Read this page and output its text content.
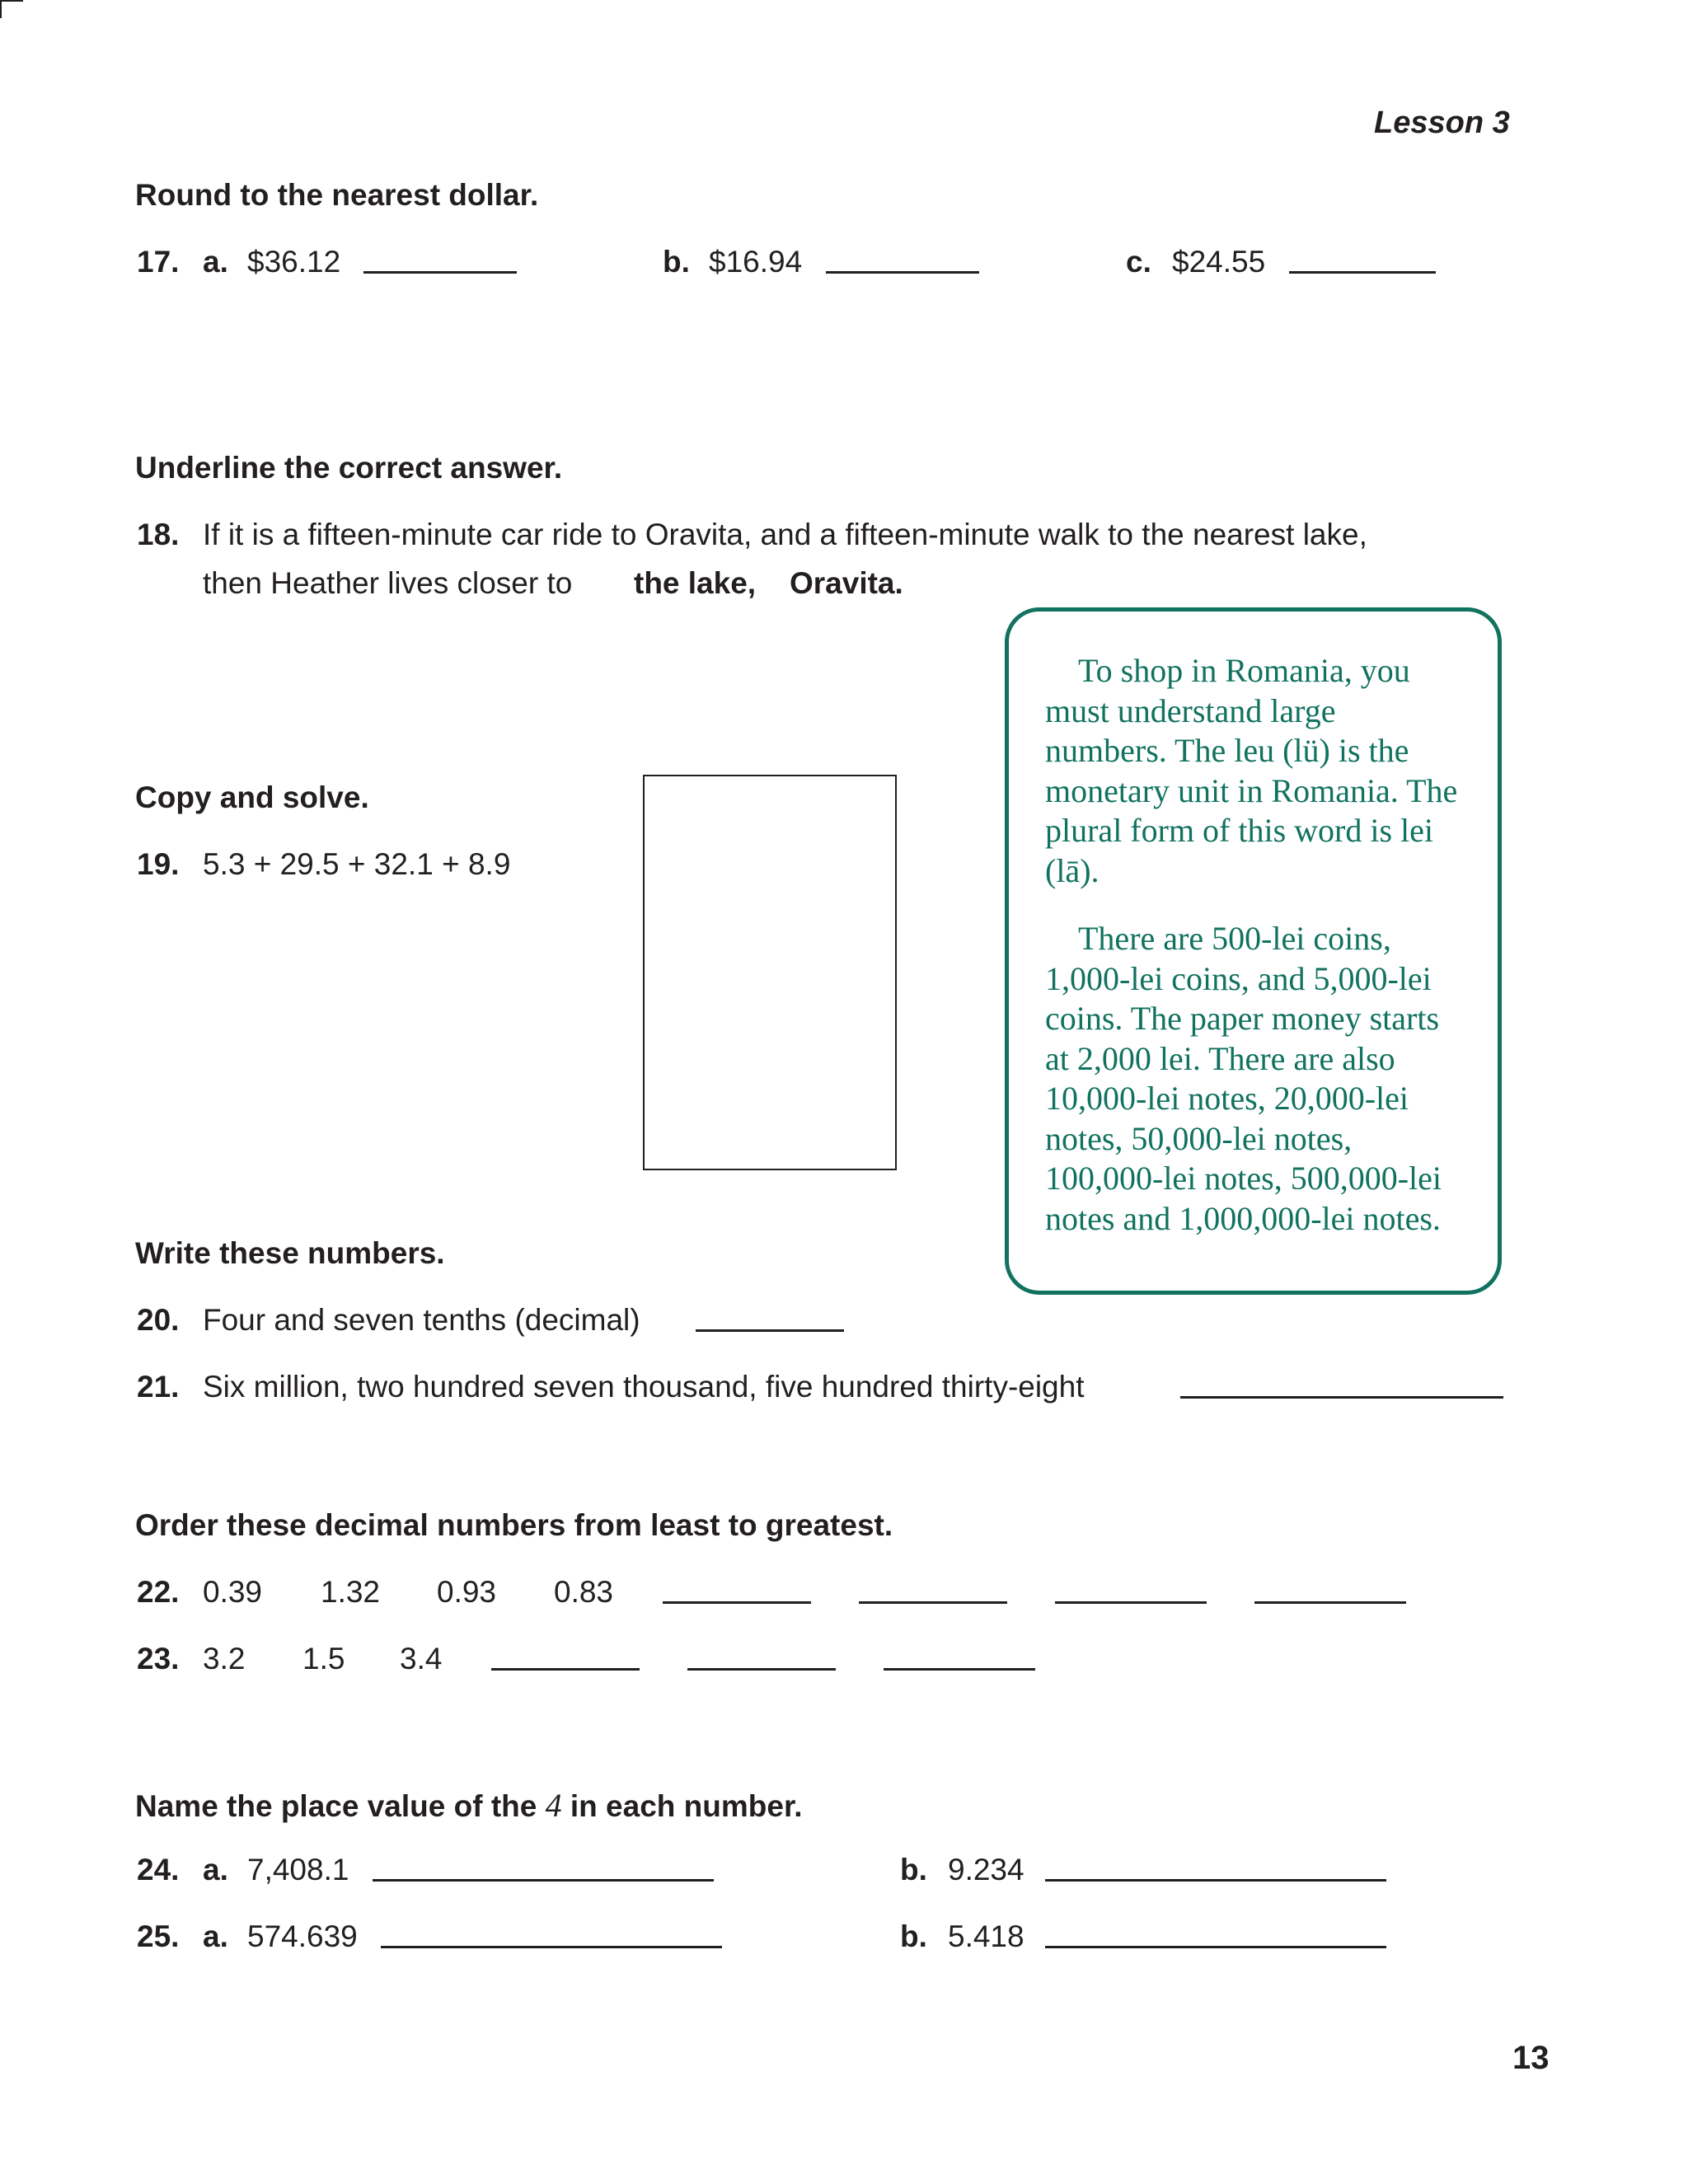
Lesson 3
Round to the nearest dollar.
17. a. $36.12	b. $16.94	c. $24.55
Underline the correct answer.
18. If it is a fifteen-minute car ride to Oravita, and a fifteen-minute walk to the nearest lake,
then Heather lives closer to the lake, Oravita.
Copy and solve.
19. 5.3 + 29.5 + 32.1 + 8.9

To shop in Romania, you must understand large numbers. The leu (lü) is the monetary unit in Romania. The plural form of this word is lei (lā).

There are 500-lei coins, 1,000-lei coins, and 5,000-lei coins. The paper money starts at 2,000 lei. There are also 10,000-lei notes, 20,000-lei notes, 50,000-lei notes, 100,000-lei notes, 500,000-lei notes and 1,000,000-lei notes.

Write these numbers.
20. Four and seven tenths (decimal)
21. Six million, two hundred seven thousand, five hundred thirty-eight
Order these decimal numbers from least to greatest.
22. 0.39 1.32 0.93 0.83
23. 3.2 1.5 3.4
Name the place value of the 4 in each number.
24. a. 7,408.1	b. 9.234
25. a. 574.639	b. 5.418
13
